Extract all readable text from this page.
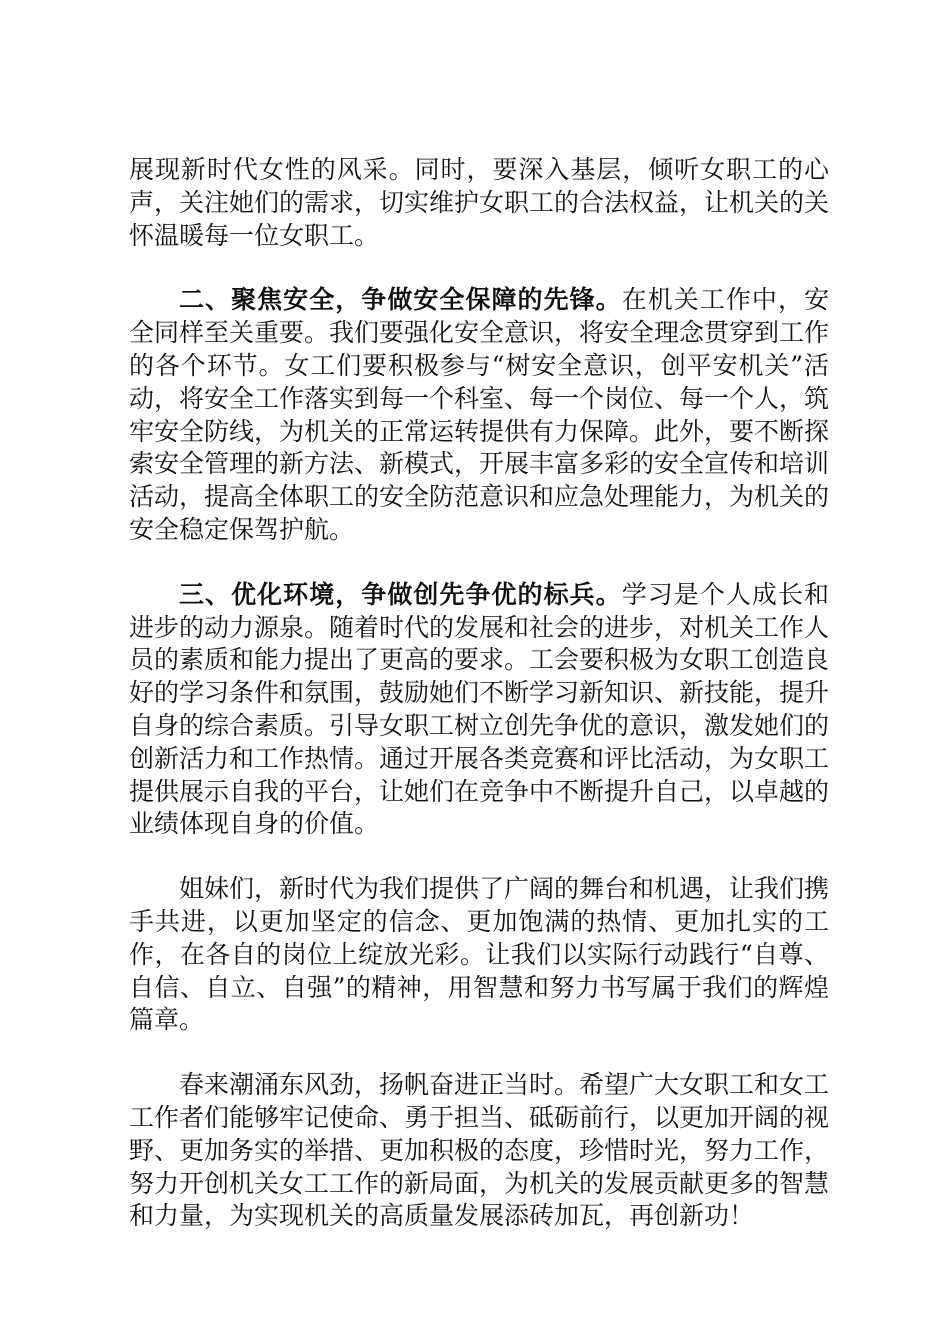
展现新时代女性的风采。同时，要深入基层，倾听女职工的心声，关注她们的需求，切实维护女职工的合法权益，让机关的关怀温暖每一位女职工。

二、聚焦安全，争做安全保障的先锋。在机关工作中，安全同样至关重要。我们要强化安全意识，将安全理念贯穿到工作的各个环节。女工们要积极参与“树安全意识，创平安机关”活动，将安全工作落实到每一个科室、每一个岗位、每一个人，筑牢安全防线，为机关的正常运转提供有力保障。此外，要不断探索安全管理的新方法、新模式，开展丰富多彩的安全宣传和培训活动，提高全体职工的安全防范意识和应急处理能力，为机关的安全稳定保驾护航。

三、优化环境，争做创先争优的标兵。学习是个人成长和进步的动力源泉。随着时代的发展和社会的进步，对机关工作人员的素质和能力提出了更高的要求。工会要积极为女职工创造良好的学习条件和氛围，鼓励她们不断学习新知识、新技能，提升自身的综合素质。引导女职工树立创先争优的意识，激发她们的创新活力和工作热情。通过开展各类竞赛和评比活动，为女职工提供展示自我的平台，让她们在竞争中不断提升自己，以卓越的业绩体现自身的价值。

姐妹们，新时代为我们提供了广阔的舞台和机遇，让我们携手共进，以更加坚定的信念、更加饱满的热情、更加扎实的工作，在各自的岗位上绽放光彩。让我们以实际行动践行“自尊、自信、自立、自强”的精神，用智慧和努力书写属于我们的辉煌篇章。

春来潮涌东风劲，扬帆奋进正当时。希望广大女职工和女工工作者们能够牢记使命、勇于担当、砥砺前行，以更加开阔的视野、更加务实的举措、更加积极的态度，珍惜时光，努力工作，努力开创机关女工工作的新局面，为机关的发展贡献更多的智慧和力量，为实现机关的高质量发展添砖加瓦，再创新功！
